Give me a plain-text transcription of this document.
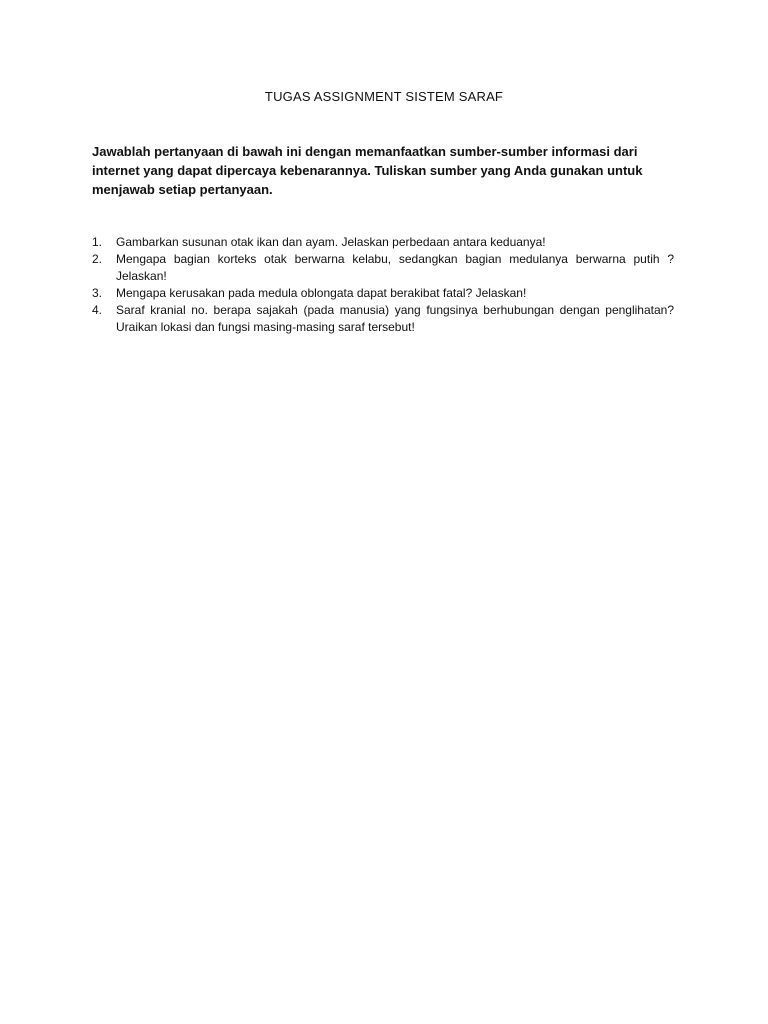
TUGAS ASSIGNMENT SISTEM SARAF
Jawablah pertanyaan di bawah ini dengan memanfaatkan sumber-sumber informasi dari internet yang dapat dipercaya kebenarannya. Tuliskan sumber yang Anda gunakan untuk menjawab setiap pertanyaan.
1. Gambarkan susunan otak ikan dan ayam. Jelaskan perbedaan antara keduanya!
2. Mengapa bagian korteks otak berwarna kelabu, sedangkan bagian medulanya berwarna putih ? Jelaskan!
3. Mengapa kerusakan pada medula oblongata dapat berakibat fatal? Jelaskan!
4. Saraf kranial no. berapa sajakah (pada manusia) yang fungsinya berhubungan dengan penglihatan? Uraikan lokasi dan fungsi masing-masing saraf tersebut!
